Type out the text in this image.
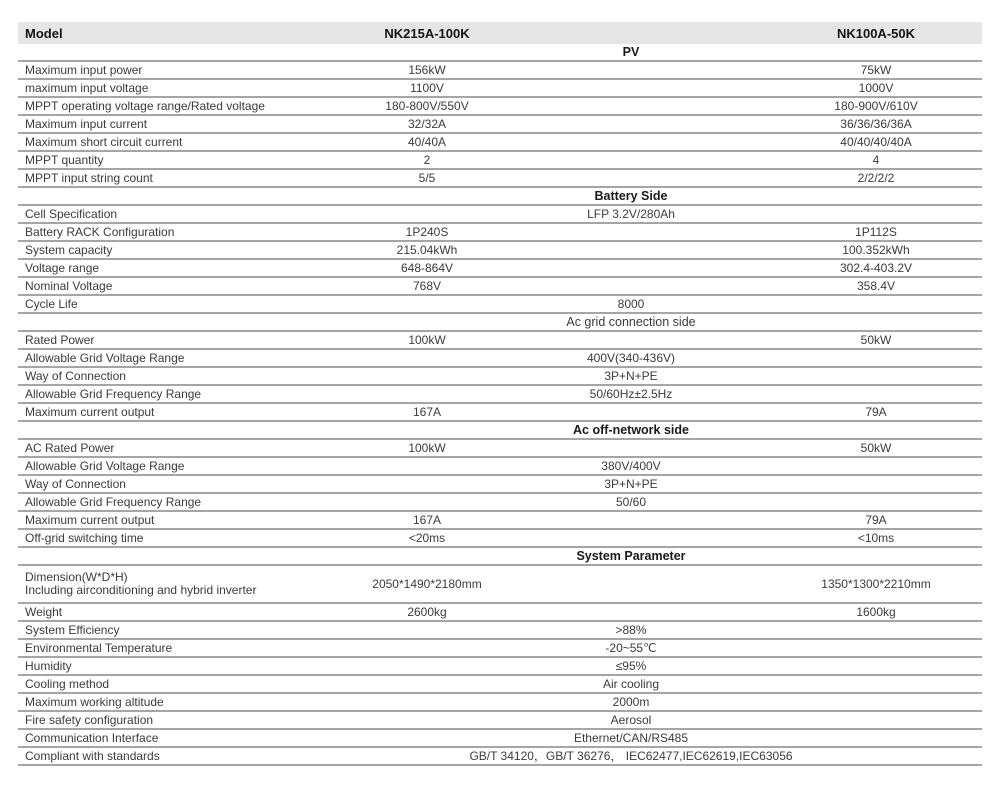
Model	NK215A-100K	NK100A-50K
PV
Maximum input power	156kW	75kW
maximum input voltage	1100V	1000V
MPPT operating voltage range/Rated voltage	180-800V/550V	180-900V/610V
Maximum input current	32/32A	36/36/36/36A
Maximum short circuit current	40/40A	40/40/40/40A
MPPT quantity	2	4
MPPT input string count	5/5	2/2/2/2
Battery Side
Cell Specification	LFP 3.2V/280Ah
Battery RACK Configuration	1P240S	1P112S
System capacity	215.04kWh	100.352kWh
Voltage range	648-864V	302.4-403.2V
Nominal Voltage	768V	358.4V
Cycle Life	8000
Ac grid connection side
Rated Power	100kW	50kW
Allowable Grid Voltage Range	400V(340-436V)
Way of Connection	3P+N+PE
Allowable Grid Frequency Range	50/60Hz±2.5Hz
Maximum current output	167A	79A
Ac off-network side
AC Rated Power	100kW	50kW
Allowable Grid Voltage Range	380V/400V
Way of Connection	3P+N+PE
Allowable Grid Frequency Range	50/60
Maximum current output	167A	79A
Off-grid switching time	<20ms	<10ms
System Parameter
Dimension(W*D*H)
Including airconditioning and hybrid inverter	2050*1490*2180mm	1350*1300*2210mm
Weight	2600kg	1600kg
System Efficiency	>88%
Environmental Temperature	-20~55℃
Humidity	≤95%
Cooling method	Air cooling
Maximum working altitude	2000m
Fire safety configuration	Aerosol
Communication Interface	Ethernet/CAN/RS485
Compliant with standards	GB/T 34120，GB/T 36276， IEC62477,IEC62619,IEC63056
